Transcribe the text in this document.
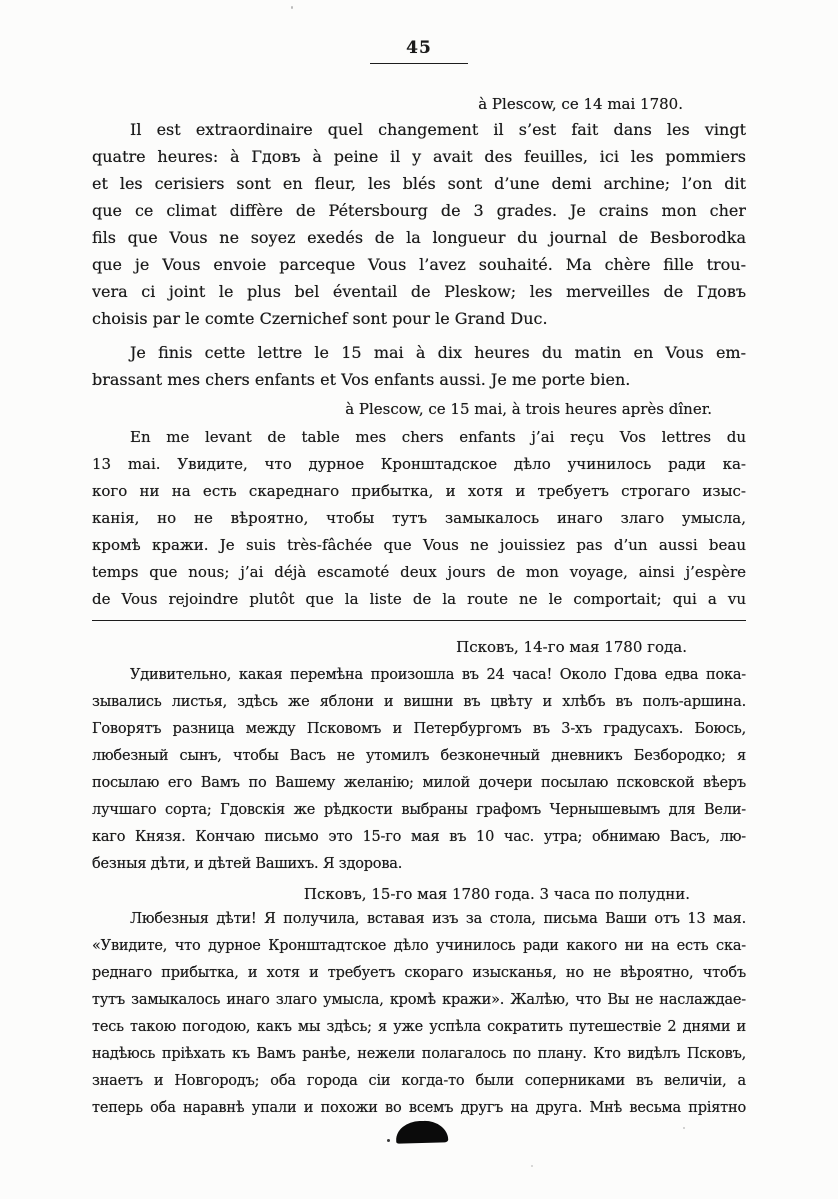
45
à Plescow, ce 14 mai 1780.
Il est extraordinaire quel changement il s’est fait dans les vingt
quatre heures: à Гдовъ à peine il y avait des feuilles, ici les pommiers
et les cerisiers sont en fleur, les blés sont d’une demi archine; l’on dit
que ce climat diffère de Pétersbourg de 3 grades. Je crains mon cher
fils que Vous ne soyez exedés de la longueur du journal de Besborodka
que je Vous envoie parceque Vous l’avez souhaité. Ma chère fille trou-
vera ci joint le plus bel éventail de Pleskow; les merveilles de Гдовъ
choisis par le comte Czernichef sont pour le Grand Duc.
Je finis cette lettre le 15 mai à dix heures du matin en Vous em-
brassant mes chers enfants et Vos enfants aussi. Je me porte bien.
à Plescow, ce 15 mai, à trois heures après dîner.
En me levant de table mes chers enfants j’ai reçu Vos lettres du
13 mai. Увидите, что дурное Кронштадское дѣло учинилось ради ка-
кого ни на есть скареднаго прибытка, и хотя и требуетъ строгаго изыс-
канія, но не вѣроятно, чтобы тутъ замыкалось инаго злаго умысла,
кромѣ кражи. Je suis très-fâchée que Vous ne jouissiez pas d’un aussi beau
temps que nous; j’ai déjà escamoté deux jours de mon voyage, ainsi j’espère
de Vous rejoindre plutôt que la liste de la route ne le comportait; qui a vu
Псковъ, 14-го мая 1780 года.
Удивительно, какая перемѣна произошла въ 24 часа! Около Гдова едва пока-
зывались листья, здѣсь же яблони и вишни въ цвѣту и хлѣбъ въ полъ-аршина.
Говорятъ разница между Псковомъ и Петербургомъ въ 3-хъ градусахъ. Боюсь,
любезный сынъ, чтобы Васъ не утомилъ безконечный дневникъ Безбородко; я
посылаю его Вамъ по Вашему желанію; милой дочери посылаю псковской вѣеръ
лучшаго сорта; Гдовскія же рѣдкости выбраны графомъ Чернышевымъ для Вели-
каго Князя. Кончаю письмо это 15-го мая въ 10 час. утра; обнимаю Васъ, лю-
безныя дѣти, и дѣтей Вашихъ. Я здорова.
Псковъ, 15-го мая 1780 года. 3 часа по полудни.
Любезныя дѣти! Я получила, вставая изъ за стола, письма Ваши отъ 13 мая.
«Увидите, что дурное Кронштадтское дѣло учинилось ради какого ни на есть ска-
реднаго прибытка, и хотя и требуетъ скораго изысканья, но не вѣроятно, чтобъ
тутъ замыкалось инаго злаго умысла, кромѣ кражи». Жалѣю, что Вы не наслаждае-
тесь такою погодою, какъ мы здѣсь; я уже успѣла сократить путешествіе 2 днями и
надѣюсь пріѣхать къ Вамъ ранѣе, нежели полагалось по плану. Кто видѣлъ Псковъ,
знаетъ и Новгородъ; оба города сіи когда-то были соперниками въ величіи, а
теперь оба наравнѣ упали и похожи во всемъ другъ на друга. Мнѣ весьма пріятно
